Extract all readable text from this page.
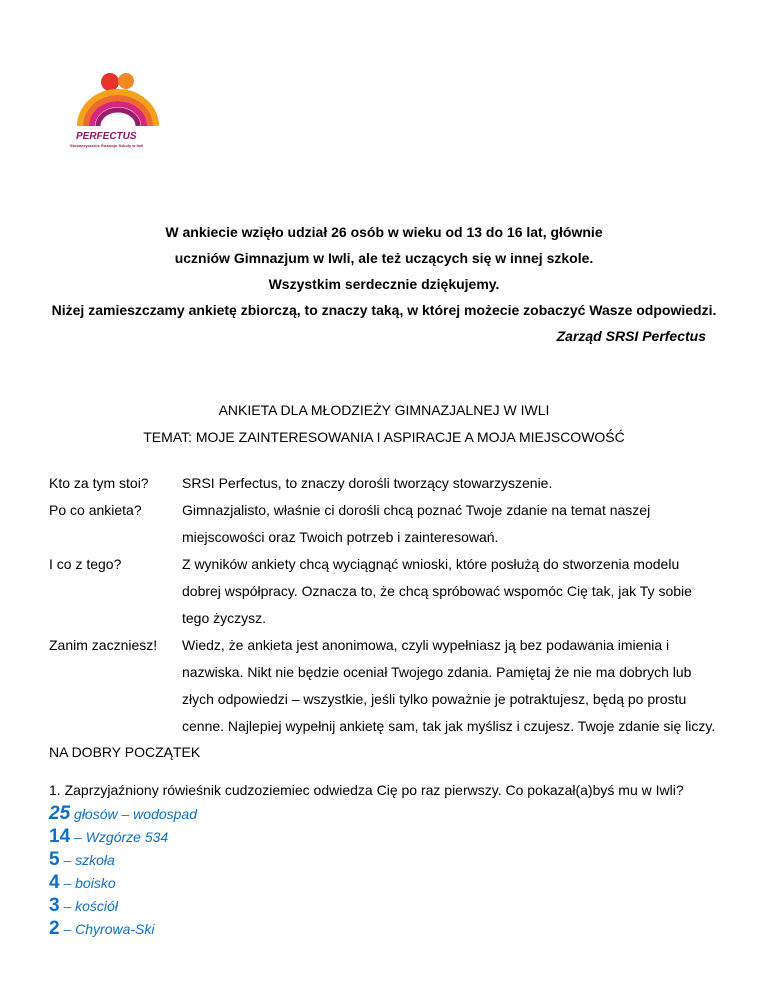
PERFECTUS
Stowarzyszenie Rozwoju Szkoły w Iwli

W ankiecie wzięło udział 26 osób w wieku od 13 do 16 lat, głównie

uczniów Gimnazjum w Iwli, ale też uczących się w innej szkole.

Wszystkim serdecznie dziękujemy.

Niżej zamieszczamy ankietę zbiorczą, to znaczy taką, w której możecie zobaczyć Wasze odpowiedzi.

Zarząd SRSI Perfectus

ANKIETA DLA MŁODZIEŻY GIMNAZJALNEJ W IWLI
TEMAT: MOJE ZAINTERESOWANIA I ASPIRACJE A MOJA MIEJSCOWOŚĆ
Kto za tym stoi?	SRSI Perfectus, to znaczy dorośli tworzący stowarzyszenie.
Po co ankieta?	Gimnazjalisto, właśnie ci dorośli chcą poznać Twoje zdanie na temat naszej
miejscowości oraz Twoich potrzeb i zainteresowań.
I co z tego?	Z wyników ankiety chcą wyciągnąć wnioski, które posłużą do stworzenia modelu
dobrej współpracy. Oznacza to, że chcą spróbować wspomóc Cię tak, jak Ty sobie
tego życzysz.
Zanim zaczniesz!	Wiedz, że ankieta jest anonimowa, czyli wypełniasz ją bez podawania imienia i
nazwiska. Nikt nie będzie oceniał Twojego zdania. Pamiętaj że nie ma dobrych lub
złych odpowiedzi – wszystkie, jeśli tylko poważnie je potraktujesz, będą po prostu
cenne. Najlepiej wypełnij ankietę sam, tak jak myślisz i czujesz. Twoje zdanie się liczy.
NA DOBRY POCZĄTEK
1. Zaprzyjaźniony rówieśnik cudzoziemiec odwiedza Cię po raz pierwszy. Co pokazał(a)byś mu w Iwli?
25 głosów – wodospad
14 – Wzgórze 534
5 – szkoła
4 – boisko
3 – kościół
2 – Chyrowa-Ski
